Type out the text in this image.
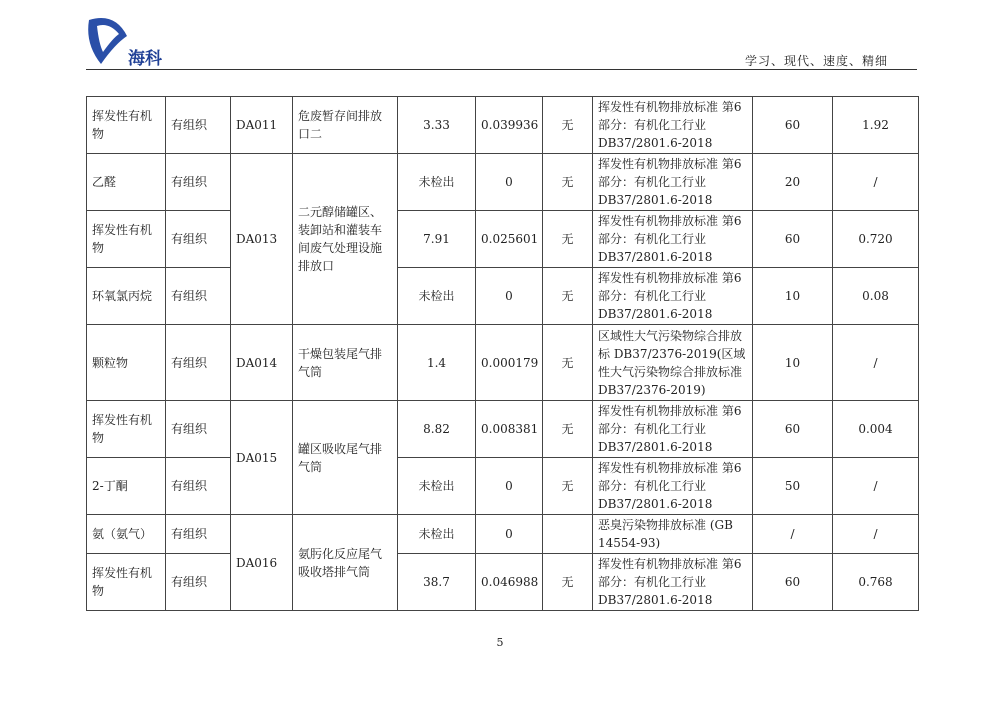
海科	学习、现代、速度、精细
挥发性有机物	有组织	DA011	危废暂存间排放口二	3.33	0.039936	无	挥发性有机物排放标准 第6部分：有机化工行业DB37/2801.6-2018	60	1.92
乙醛	有组织	DA013	二元醇储罐区、装卸站和灌装车间废气处理设施排放口	未检出	0	无	挥发性有机物排放标准 第6部分：有机化工行业DB37/2801.6-2018	20	/
挥发性有机物	有组织			7.91	0.025601	无	挥发性有机物排放标准 第6部分：有机化工行业DB37/2801.6-2018	60	0.720
环氧氯丙烷	有组织			未检出	0	无	挥发性有机物排放标准 第6部分：有机化工行业DB37/2801.6-2018	10	0.08
颗粒物	有组织	DA014	干燥包装尾气排气筒	1.4	0.000179	无	区域性大气污染物综合排放标 DB37/2376-2019(区域性大气污染物综合排放标准 DB37/2376-2019)	10	/
挥发性有机物	有组织	DA015	罐区吸收尾气排气筒	8.82	0.008381	无	挥发性有机物排放标准 第6部分：有机化工行业DB37/2801.6-2018	60	0.004
2-丁酮	有组织			未检出	0	无	挥发性有机物排放标准 第6部分：有机化工行业DB37/2801.6-2018	50	/
氨（氨气）	有组织	DA016	氨肟化反应尾气吸收塔排气筒	未检出	0		恶臭污染物排放标准 (GB 14554-93)	/	/
挥发性有机物	有组织			38.7	0.046988	无	挥发性有机物排放标准 第6部分：有机化工行业DB37/2801.6-2018	60	0.768
5
